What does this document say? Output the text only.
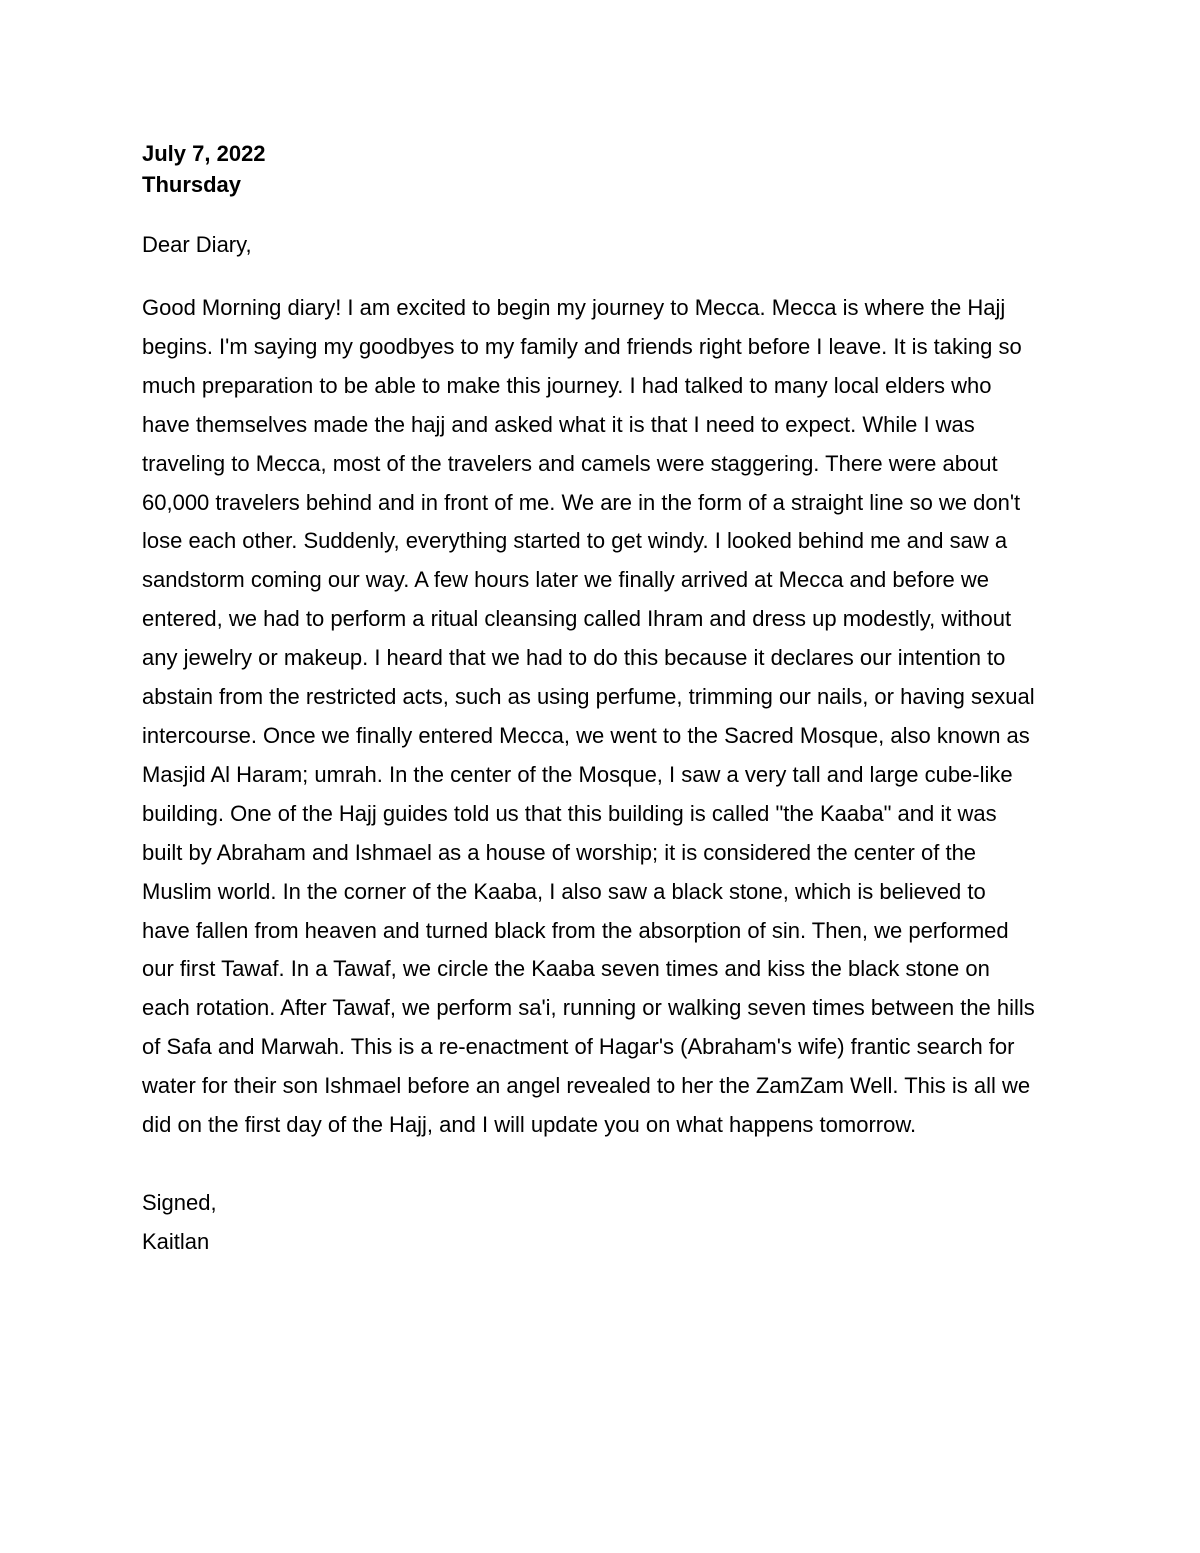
July 7, 2022

Thursday

Dear Diary,

Good Morning diary! I am excited to begin my journey to Mecca. Mecca is where the Hajj
begins. I'm saying my goodbyes to my family and friends right before I leave. It is taking so
much preparation to be able to make this journey. I had talked to many local elders who
have themselves made the hajj and asked what it is that I need to expect. While I was
traveling to Mecca, most of the travelers and camels were staggering. There were about
60,000 travelers behind and in front of me. We are in the form of a straight line so we don't
lose each other. Suddenly, everything started to get windy. I looked behind me and saw a
sandstorm coming our way. A few hours later we finally arrived at Mecca and before we
entered, we had to perform a ritual cleansing called Ihram and dress up modestly, without
any jewelry or makeup. I heard that we had to do this because it declares our intention to
abstain from the restricted acts, such as using perfume, trimming our nails, or having sexual
intercourse. Once we finally entered Mecca, we went to the Sacred Mosque, also known as
Masjid Al Haram; umrah. In the center of the Mosque, I saw a very tall and large cube-like
building. One of the Hajj guides told us that this building is called "the Kaaba" and it was
built by Abraham and Ishmael as a house of worship; it is considered the center of the
Muslim world. In the corner of the Kaaba, I also saw a black stone, which is believed to
have fallen from heaven and turned black from the absorption of sin. Then, we performed
our first Tawaf. In a Tawaf, we circle the Kaaba seven times and kiss the black stone on
each rotation. After Tawaf, we perform sa'i, running or walking seven times between the hills
of Safa and Marwah. This is a re-enactment of Hagar's (Abraham's wife) frantic search for
water for their son Ishmael before an angel revealed to her the ZamZam Well. This is all we
did on the first day of the Hajj, and I will update you on what happens tomorrow.
Signed,
Kaitlan
